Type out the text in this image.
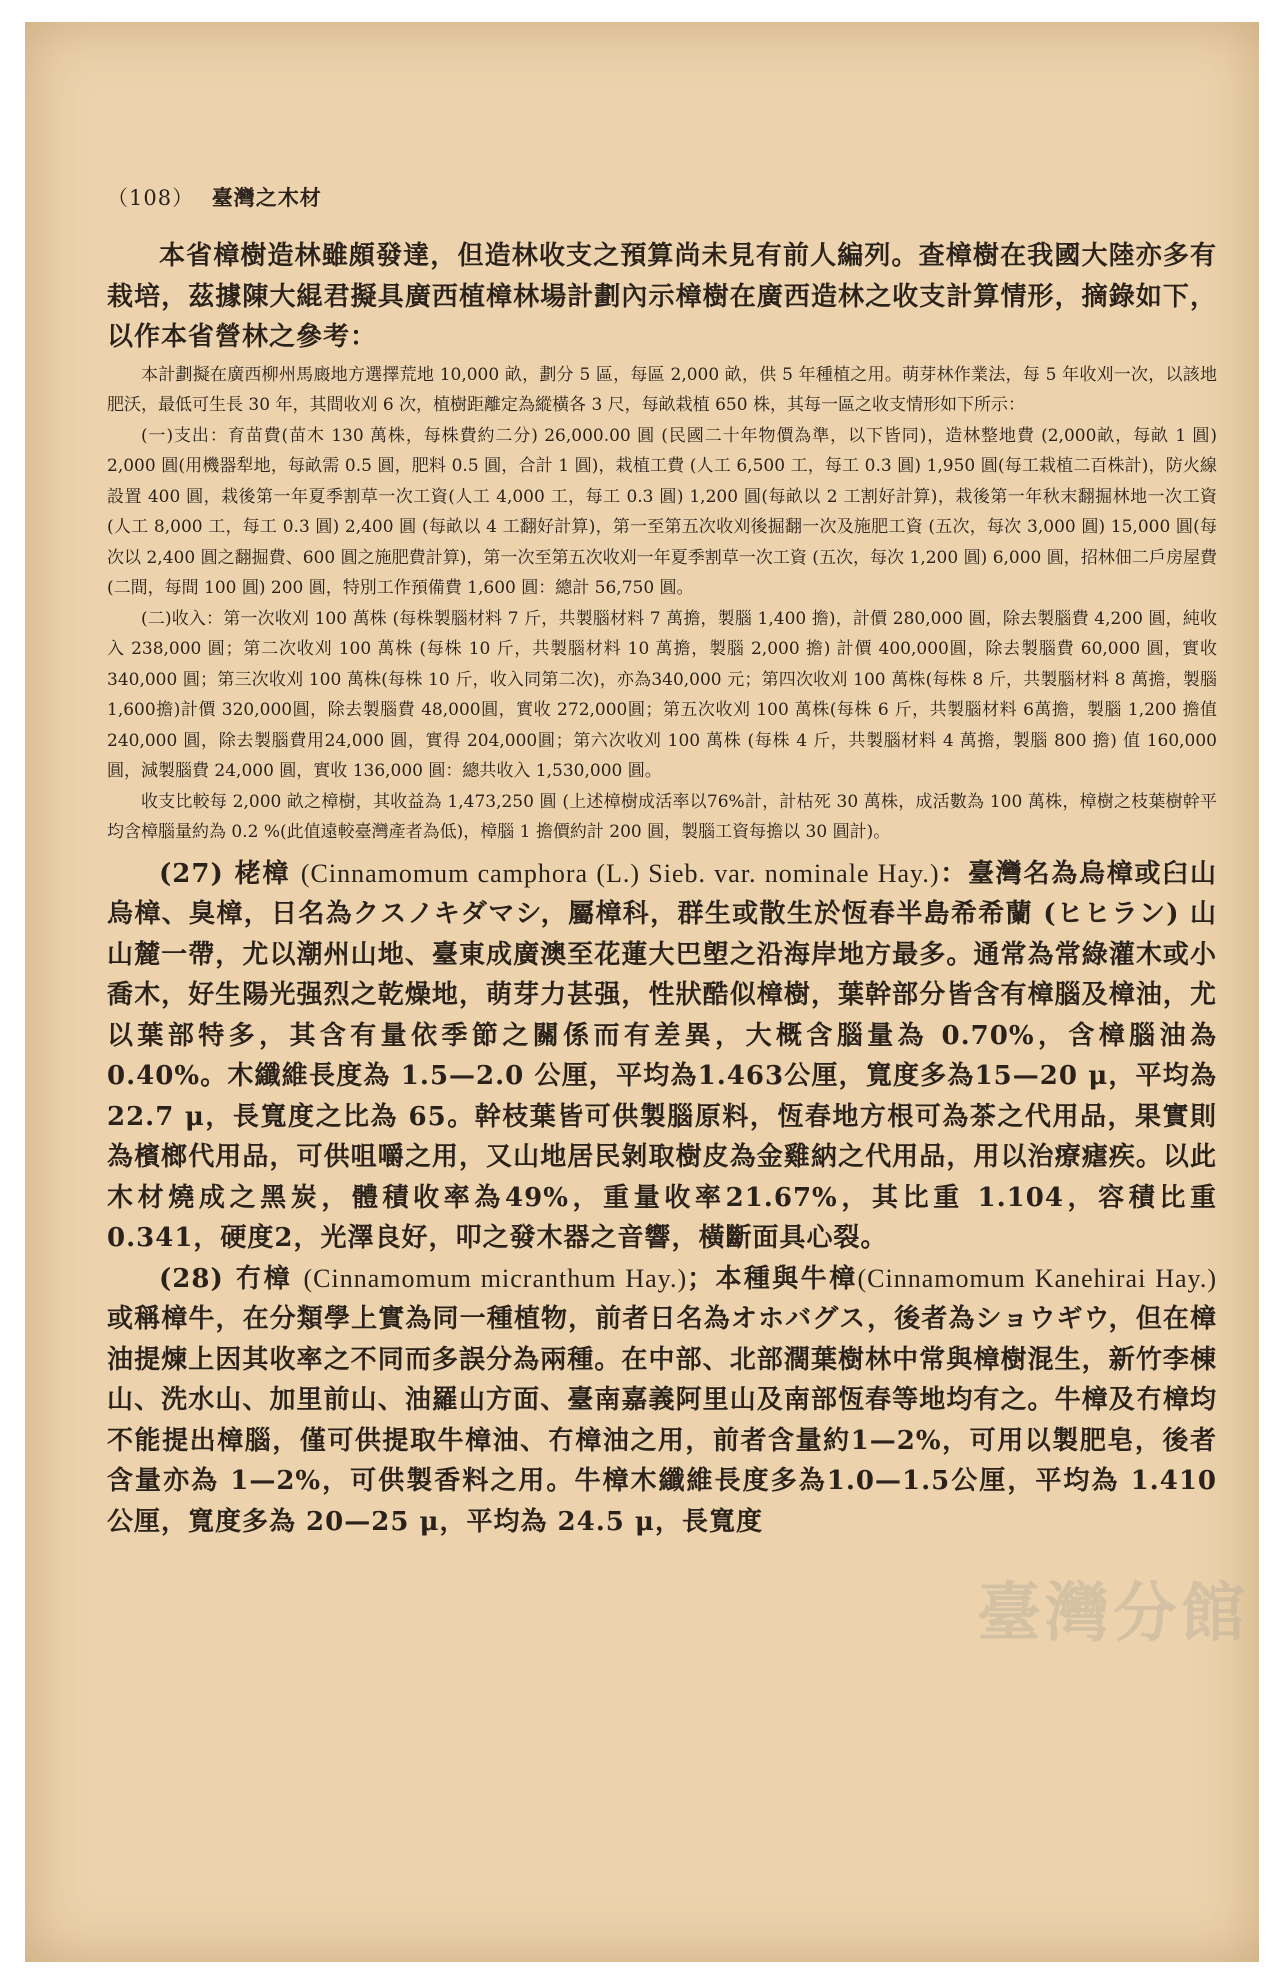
（108） 臺灣之木材

本省樟樹造林雖頗發達，但造林收支之預算尚未見有前人編列。查樟樹在我國大陸亦多有栽培，茲據陳大緄君擬具廣西植樟林場計劃內示樟樹在廣西造林之收支計算情形，摘錄如下，以作本省營林之參考：

本計劃擬在廣西柳州馬廄地方選擇荒地 10,000 畝，劃分 5 區，每區 2,000 畝，供 5 年種植之用。萌芽林作業法，每 5 年收刈一次，以該地肥沃，最低可生長 30 年，其間收刈 6 次，植樹距離定為縱橫各 3 尺，每畝栽植 650 株，其每一區之收支情形如下所示：

(一)支出：育苗費(苗木 130 萬株，每株費約二分) 26,000.00 圓 (民國二十年物價為準，以下皆同)，造林整地費 (2,000畝，每畝 1 圓) 2,000 圓(用機器犁地，每畝需 0.5 圓，肥料 0.5 圓，合計 1 圓)，栽植工費 (人工 6,500 工，每工 0.3 圓) 1,950 圓(每工栽植二百株計)，防火線設置 400 圓，栽後第一年夏季割草一次工資(人工 4,000 工，每工 0.3 圓) 1,200 圓(每畝以 2 工割好計算)，栽後第一年秋末翻掘林地一次工資 (人工 8,000 工，每工 0.3 圓) 2,400 圓 (每畝以 4 工翻好計算)，第一至第五次收刈後掘翻一次及施肥工資 (五次，每次 3,000 圓) 15,000 圓(每次以 2,400 圓之翻掘費、600 圓之施肥費計算)，第一次至第五次收刈一年夏季割草一次工資 (五次，每次 1,200 圓) 6,000 圓，招林佃二戶房屋費(二間，每間 100 圓) 200 圓，特別工作預備費 1,600 圓：總計 56,750 圓。

(二)收入：第一次收刈 100 萬株 (每株製腦材料 7 斤，共製腦材料 7 萬擔，製腦 1,400 擔)，計價 280,000 圓，除去製腦費 4,200 圓，純收入 238,000 圓；第二次收刈 100 萬株 (每株 10 斤，共製腦材料 10 萬擔，製腦 2,000 擔) 計價 400,000圓，除去製腦費 60,000 圓，實收 340,000 圓；第三次收刈 100 萬株(每株 10 斤，收入同第二次)，亦為340,000 元；第四次收刈 100 萬株(每株 8 斤，共製腦材料 8 萬擔，製腦 1,600擔)計價 320,000圓，除去製腦費 48,000圓，實收 272,000圓；第五次收刈 100 萬株(每株 6 斤，共製腦材料 6萬擔，製腦 1,200 擔值 240,000 圓，除去製腦費用24,000 圓，實得 204,000圓；第六次收刈 100 萬株 (每株 4 斤，共製腦材料 4 萬擔，製腦 800 擔) 值 160,000 圓，減製腦費 24,000 圓，實收 136,000 圓：總共收入 1,530,000 圓。

收支比較每 2,000 畝之樟樹，其收益為 1,473,250 圓 (上述樟樹成活率以76%計，計枯死 30 萬株，成活數為 100 萬株，樟樹之枝葉樹幹平均含樟腦量約為 0.2 %(此值遠較臺灣產者為低)，樟腦 1 擔價約計 200 圓，製腦工資每擔以 30 圓計)。

(27) 栳樟 (Cinnamomum camphora (L.) Sieb. var. nominale Hay.)：臺灣名為烏樟或臼山烏樟、臭樟，日名為クスノキダマシ，屬樟科，群生或散生於恆春半島希希蘭 (ヒヒラン) 山山麓一帶，尤以潮州山地、臺東成廣澳至花蓮大巴塱之沿海岸地方最多。通常為常綠灌木或小喬木，好生陽光强烈之乾燥地，萌芽力甚强，性狀酷似樟樹，葉幹部分皆含有樟腦及樟油，尤以葉部特多，其含有量依季節之關係而有差異，大概含腦量為 0.70%，含樟腦油為 0.40%。木纖維長度為 1.5—2.0 公厘，平均為1.463公厘，寬度多為15—20 μ，平均為 22.7 μ，長寬度之比為 65。幹枝葉皆可供製腦原料，恆春地方根可為茶之代用品，果實則為檳榔代用品，可供咀嚼之用，又山地居民剝取樹皮為金雞納之代用品，用以治療瘧疾。以此木材燒成之黑炭，體積收率為49%，重量收率21.67%，其比重 1.104，容積比重0.341，硬度2，光澤良好，叩之發木器之音響，橫斷面具心裂。

(28) 冇樟 (Cinnamomum micranthum Hay.)；本種與牛樟(Cinnamomum Kanehirai Hay.)或稱樟牛，在分類學上實為同一種植物，前者日名為オホバグス，後者為ショウギウ，但在樟油提煉上因其收率之不同而多誤分為兩種。在中部、北部濶葉樹林中常與樟樹混生，新竹李棟山、洗水山、加里前山、油羅山方面、臺南嘉義阿里山及南部恆春等地均有之。牛樟及冇樟均不能提出樟腦，僅可供提取牛樟油、冇樟油之用，前者含量約1—2%，可用以製肥皂，後者含量亦為 1—2%，可供製香料之用。牛樟木纖維長度多為1.0—1.5公厘，平均為 1.410 公厘，寬度多為 20—25 μ，平均為 24.5 μ，長寬度

臺灣分館
